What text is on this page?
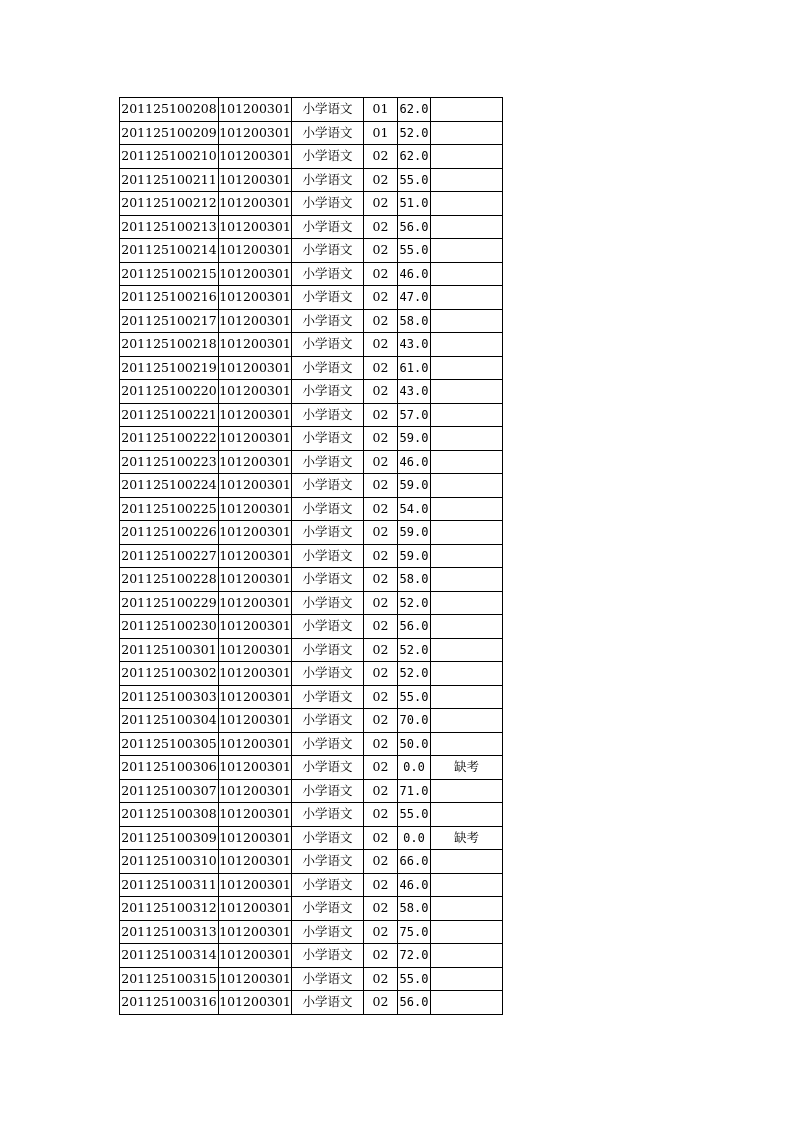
201125100208	101200301	小学语文	01	62.0	
201125100209	101200301	小学语文	01	52.0	
201125100210	101200301	小学语文	02	62.0	
201125100211	101200301	小学语文	02	55.0	
201125100212	101200301	小学语文	02	51.0	
201125100213	101200301	小学语文	02	56.0	
201125100214	101200301	小学语文	02	55.0	
201125100215	101200301	小学语文	02	46.0	
201125100216	101200301	小学语文	02	47.0	
201125100217	101200301	小学语文	02	58.0	
201125100218	101200301	小学语文	02	43.0	
201125100219	101200301	小学语文	02	61.0	
201125100220	101200301	小学语文	02	43.0	
201125100221	101200301	小学语文	02	57.0	
201125100222	101200301	小学语文	02	59.0	
201125100223	101200301	小学语文	02	46.0	
201125100224	101200301	小学语文	02	59.0	
201125100225	101200301	小学语文	02	54.0	
201125100226	101200301	小学语文	02	59.0	
201125100227	101200301	小学语文	02	59.0	
201125100228	101200301	小学语文	02	58.0	
201125100229	101200301	小学语文	02	52.0	
201125100230	101200301	小学语文	02	56.0	
201125100301	101200301	小学语文	02	52.0	
201125100302	101200301	小学语文	02	52.0	
201125100303	101200301	小学语文	02	55.0	
201125100304	101200301	小学语文	02	70.0	
201125100305	101200301	小学语文	02	50.0	
201125100306	101200301	小学语文	02	0.0	缺考
201125100307	101200301	小学语文	02	71.0	
201125100308	101200301	小学语文	02	55.0	
201125100309	101200301	小学语文	02	0.0	缺考
201125100310	101200301	小学语文	02	66.0	
201125100311	101200301	小学语文	02	46.0	
201125100312	101200301	小学语文	02	58.0	
201125100313	101200301	小学语文	02	75.0	
201125100314	101200301	小学语文	02	72.0	
201125100315	101200301	小学语文	02	55.0	
201125100316	101200301	小学语文	02	56.0	
